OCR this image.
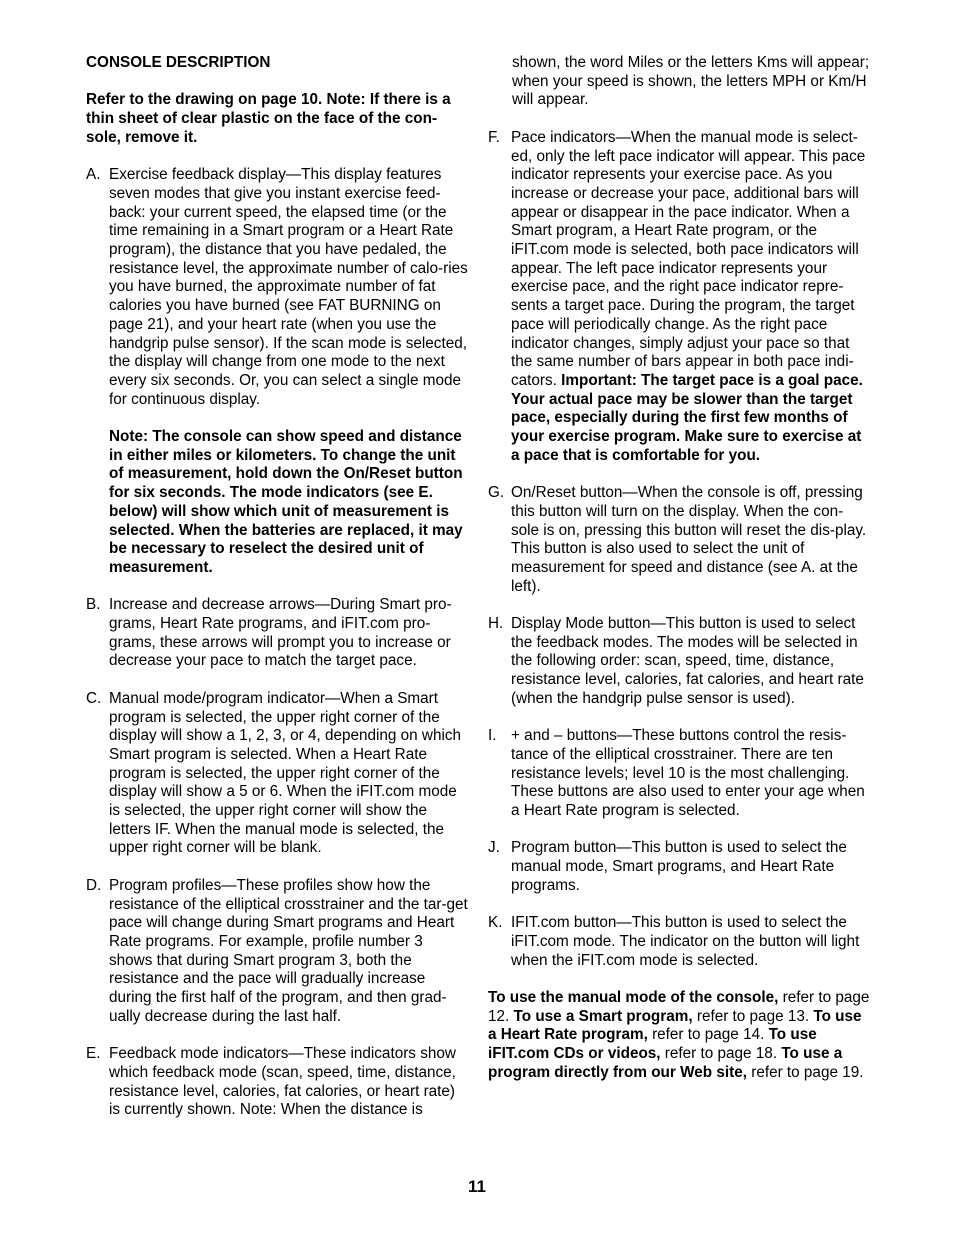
CONSOLE DESCRIPTION

Refer to the drawing on page 10. Note: If there is a thin sheet of clear plastic on the face of the con-sole, remove it.

A. Exercise feedback display—This display features seven modes that give you instant exercise feed-back: your current speed, the elapsed time (or the time remaining in a Smart program or a Heart Rate program), the distance that you have pedaled, the resistance level, the approximate number of calo-ries you have burned, the approximate number of fat calories you have burned (see FAT BURNING on page 21), and your heart rate (when you use the handgrip pulse sensor). If the scan mode is selected, the display will change from one mode to the next every six seconds. Or, you can select a single mode for continuous display.

Note: The console can show speed and distance in either miles or kilometers. To change the unit of measurement, hold down the On/Reset button for six seconds. The mode indicators (see E. below) will show which unit of measurement is selected. When the batteries are replaced, it may be necessary to reselect the desired unit of measurement.

B. Increase and decrease arrows—During Smart pro-grams, Heart Rate programs, and iFIT.com pro-grams, these arrows will prompt you to increase or decrease your pace to match the target pace.
C. Manual mode/program indicator—When a Smart program is selected, the upper right corner of the display will show a 1, 2, 3, or 4, depending on which Smart program is selected. When a Heart Rate program is selected, the upper right corner of the display will show a 5 or 6. When the iFIT.com mode is selected, the upper right corner will show the letters IF. When the manual mode is selected, the upper right corner will be blank.
D. Program profiles—These profiles show how the resistance of the elliptical crosstrainer and the tar-get pace will change during Smart programs and Heart Rate programs. For example, profile number 3 shows that during Smart program 3, both the resistance and the pace will gradually increase during the first half of the program, and then grad-ually decrease during the last half.
E. Feedback mode indicators—These indicators show which feedback mode (scan, speed, time, distance, resistance level, calories, fat calories, or heart rate) is currently shown. Note: When the distance is
shown, the word Miles or the letters Kms will appear; when your speed is shown, the letters MPH or Km/H will appear.
F. Pace indicators—When the manual mode is select-ed, only the left pace indicator will appear. This pace indicator represents your exercise pace. As you increase or decrease your pace, additional bars will appear or disappear in the pace indicator. When a Smart program, a Heart Rate program, or the iFIT.com mode is selected, both pace indicators will appear. The left pace indicator represents your exercise pace, and the right pace indicator repre-sents a target pace. During the program, the target pace will periodically change. As the right pace indicator changes, simply adjust your pace so that the same number of bars appear in both pace indi-cators. Important: The target pace is a goal pace. Your actual pace may be slower than the target pace, especially during the first few months of your exercise program. Make sure to exercise at a pace that is comfortable for you.
G. On/Reset button—When the console is off, pressing this button will turn on the display. When the con-sole is on, pressing this button will reset the dis-play. This button is also used to select the unit of measurement for speed and distance (see A. at the left).
H. Display Mode button—This button is used to select the feedback modes. The modes will be selected in the following order: scan, speed, time, distance, resistance level, calories, fat calories, and heart rate (when the handgrip pulse sensor is used).
I. + and – buttons—These buttons control the resis-tance of the elliptical crosstrainer. There are ten resistance levels; level 10 is the most challenging. These buttons are also used to enter your age when a Heart Rate program is selected.
J. Program button—This button is used to select the manual mode, Smart programs, and Heart Rate programs.
K. IFIT.com button—This button is used to select the iFIT.com mode. The indicator on the button will light when the iFIT.com mode is selected.

To use the manual mode of the console, refer to page 12. To use a Smart program, refer to page 13. To use a Heart Rate program, refer to page 14. To use iFIT.com CDs or videos, refer to page 18. To use a program directly from our Web site, refer to page 19.

11
